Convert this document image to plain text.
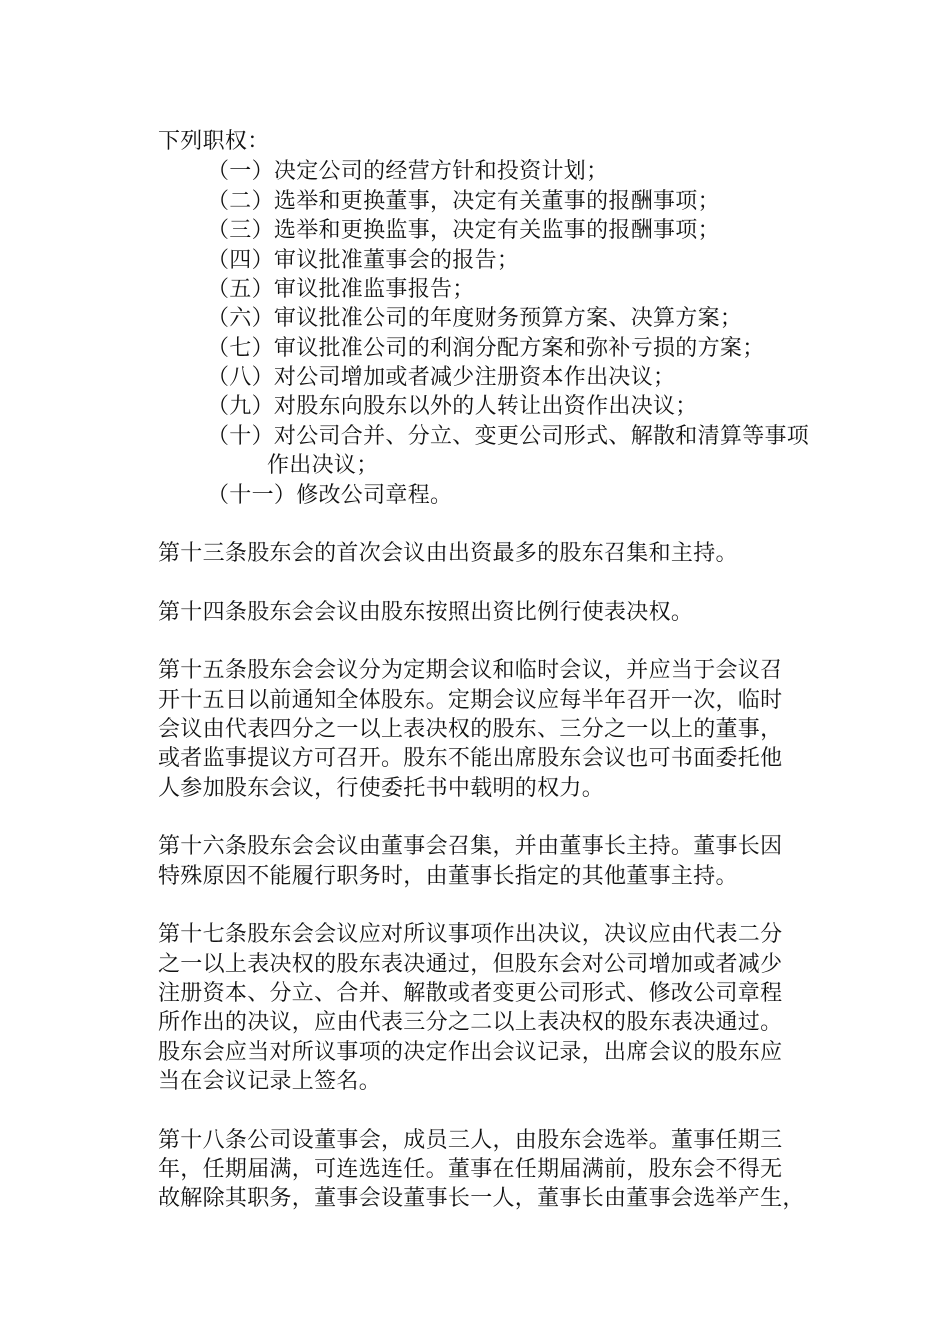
下列职权：
（一）决定公司的经营方针和投资计划；
（二）选举和更换董事，决定有关董事的报酬事项；
（三）选举和更换监事，决定有关监事的报酬事项；
（四）审议批准董事会的报告；
（五）审议批准监事报告；
（六）审议批准公司的年度财务预算方案、决算方案；
（七）审议批准公司的利润分配方案和弥补亏损的方案；
（八）对公司增加或者减少注册资本作出决议；
（九）对股东向股东以外的人转让出资作出决议；
（十）对公司合并、分立、变更公司形式、解散和清算等事项
作出决议；
（十一）修改公司章程。
第十三条股东会的首次会议由出资最多的股东召集和主持。
第十四条股东会会议由股东按照出资比例行使表决权。
第十五条股东会会议分为定期会议和临时会议，并应当于会议召
开十五日以前通知全体股东。定期会议应每半年召开一次，临时
会议由代表四分之一以上表决权的股东、三分之一以上的董事，
或者监事提议方可召开。股东不能出席股东会议也可书面委托他
人参加股东会议，行使委托书中载明的权力。
第十六条股东会会议由董事会召集，并由董事长主持。董事长因
特殊原因不能履行职务时，由董事长指定的其他董事主持。
第十七条股东会会议应对所议事项作出决议，决议应由代表二分
之一以上表决权的股东表决通过，但股东会对公司增加或者减少
注册资本、分立、合并、解散或者变更公司形式、修改公司章程
所作出的决议，应由代表三分之二以上表决权的股东表决通过。
股东会应当对所议事项的决定作出会议记录，出席会议的股东应
当在会议记录上签名。
第十八条公司设董事会，成员三人，由股东会选举。董事任期三
年，任期届满，可连选连任。董事在任期届满前，股东会不得无
故解除其职务，董事会设董事长一人，董事长由董事会选举产生，
